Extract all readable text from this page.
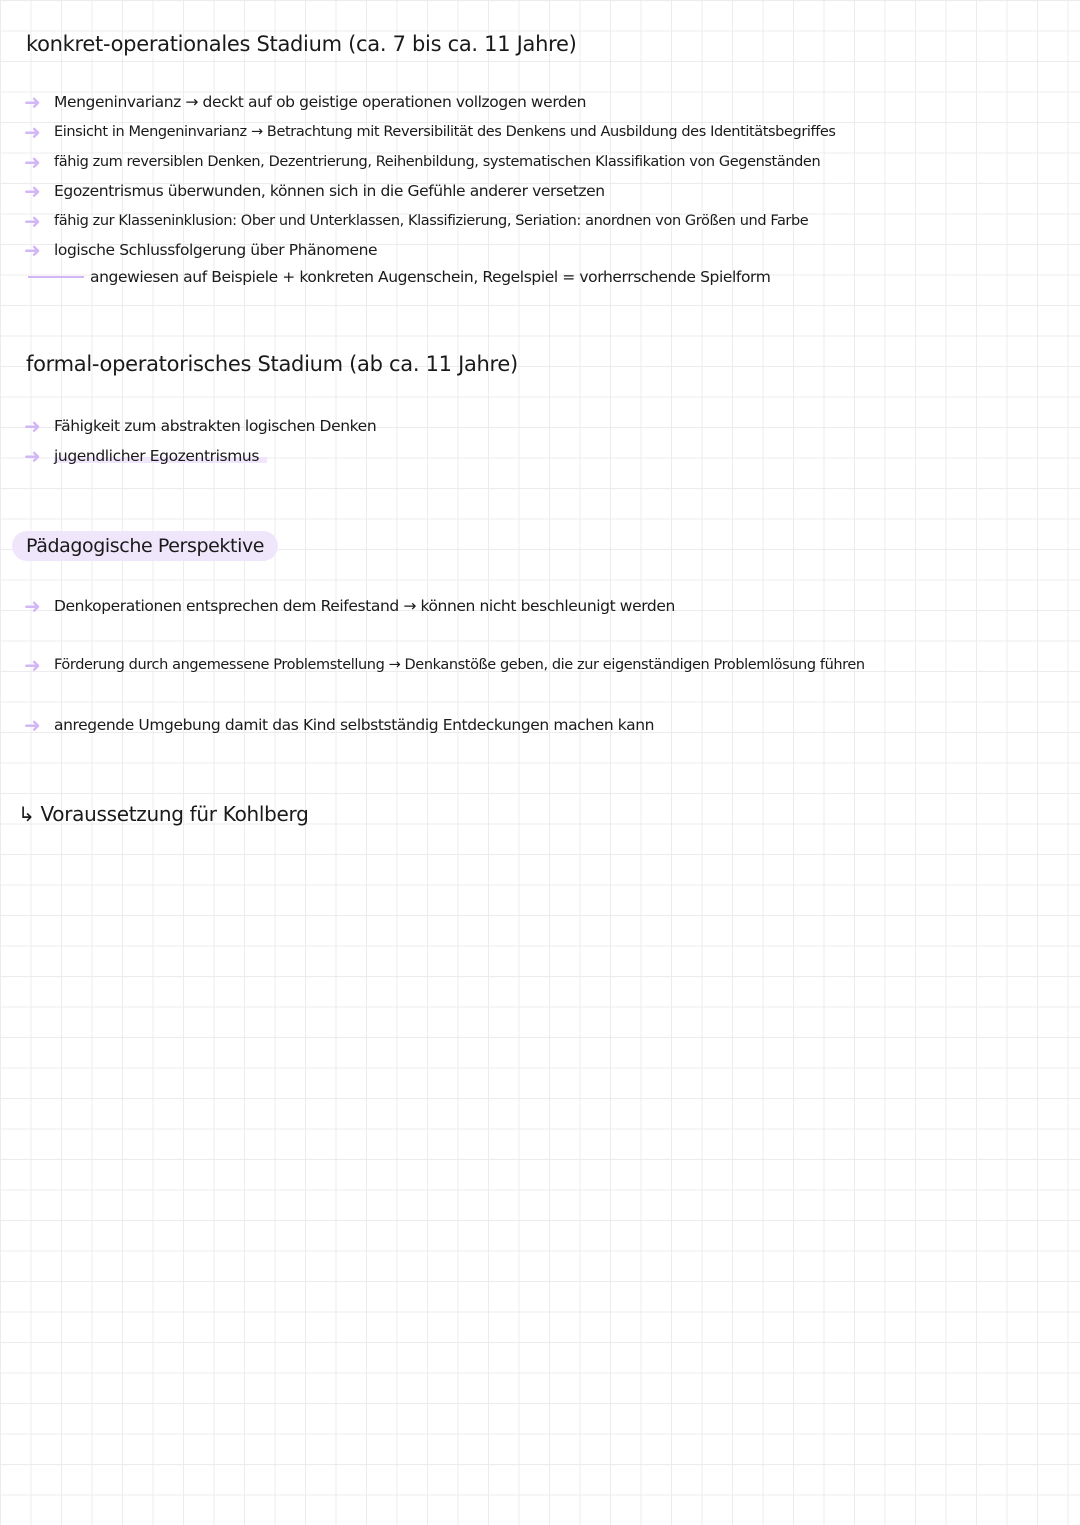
konkret-operationales Stadium (ca. 7 bis ca. 11 Jahre)
➜ Mengeninvarianz → deckt auf ob geistige operationen vollzogen werden
➜ Einsicht in Mengeninvarianz → Betrachtung mit Reversibilität des Denkens und Ausbildung des Identitätsbegriffes
➜ fähig zum reversiblen Denken, Dezentrierung, Reihenbildung, systematischen Klassifikation von Gegenständen
➜ Egozentrismus überwunden, können sich in die Gefühle anderer versetzen
➜ fähig zur Klasseninklusion: Ober und Unterklassen, Klassifizierung, Seriation: anordnen von Größen und Farbe
➜ logische Schlussfolgerung über Phänomene
angewiesen auf Beispiele + konkreten Augenschein, Regelspiel = vorherrschende Spielform
formal-operatorisches Stadium (ab ca. 11 Jahre)
➜ Fähigkeit zum abstrakten logischen Denken
➜ jugendlicher Egozentrismus
Pädagogische Perspektive
➜ Denkoperationen entsprechen dem Reifestand → können nicht beschleunigt werden
➜ Förderung durch angemessene Problemstellung → Denkanstöße geben, die zur eigenständigen Problemlösung führen
➜ anregende Umgebung damit das Kind selbstständig Entdeckungen machen kann
↳ Voraussetzung für Kohlberg
